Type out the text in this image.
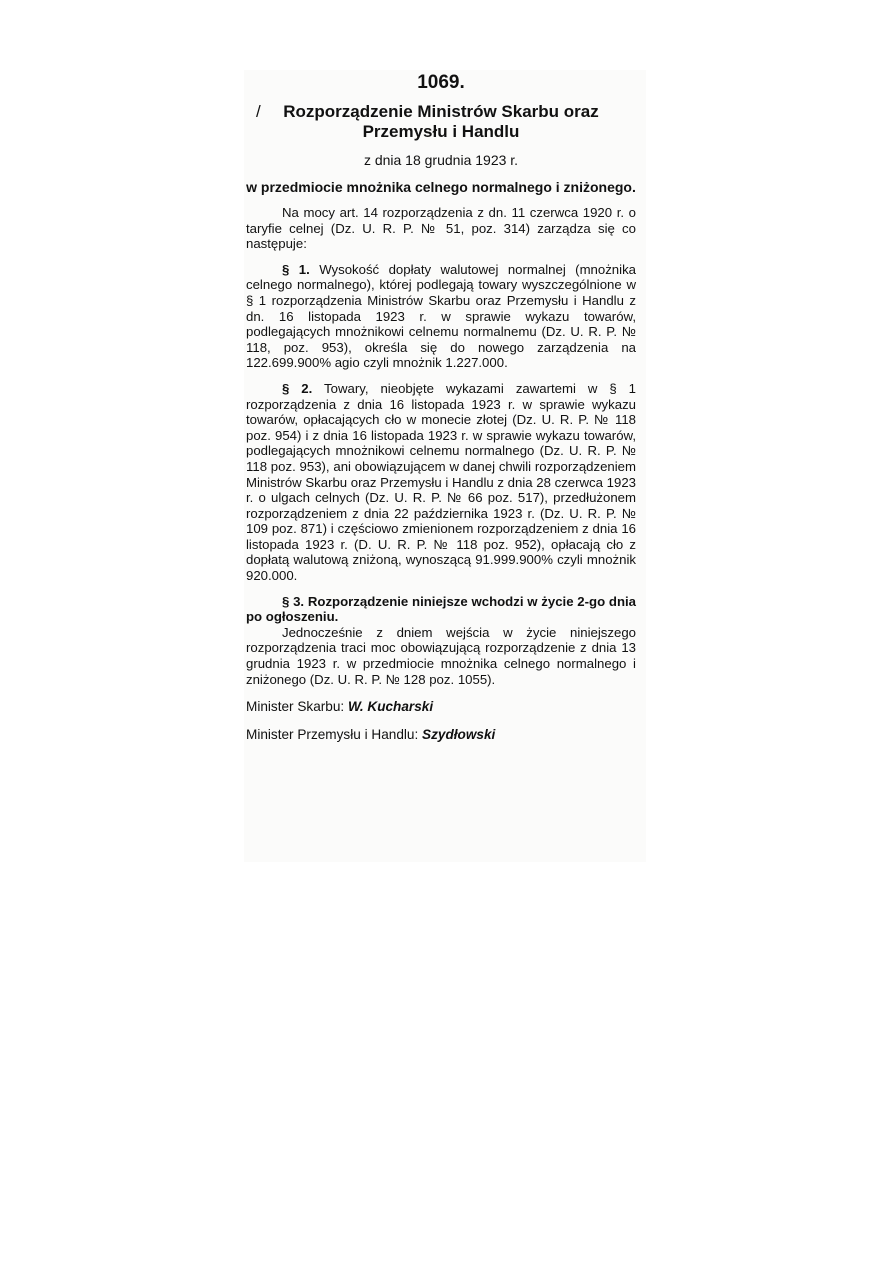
1069.
/ Rozporządzenie Ministrów Skarbu oraz Przemysłu i Handlu
z dnia 18 grudnia 1923 r.
w przedmiocie mnożnika celnego normalnego i zniżonego.

Na mocy art. 14 rozporządzenia z dn. 11 czerwca 1920 r. o taryfie celnej (Dz. U. R. P. № 51, poz. 314) zarządza się co następuje:

§ 1. Wysokość dopłaty walutowej normalnej (mnożnika celnego normalnego), której podlegają towary wyszczególnione w § 1 rozporządzenia Ministrów Skarbu oraz Przemysłu i Handlu z dn. 16 listopada 1923 r. w sprawie wykazu towarów, podlegających mnożnikowi celnemu normalnemu (Dz. U. R. P. № 118, poz. 953), określa się do nowego zarządzenia na 122.699.900% agio czyli mnożnik 1.227.000.

§ 2. Towary, nieobjęte wykazami zawartemi w § 1 rozporządzenia z dnia 16 listopada 1923 r. w sprawie wykazu towarów, opłacających cło w monecie złotej (Dz. U. R. P. № 118 poz. 954) i z dnia 16 listopada 1923 r. w sprawie wykazu towarów, podlegających mnożnikowi celnemu normalnego (Dz. U. R. P. № 118 poz. 953), ani obowiązującem w danej chwili rozporządzeniem Ministrów Skarbu oraz Przemysłu i Handlu z dnia 28 czerwca 1923 r. o ulgach celnych (Dz. U. R. P. № 66 poz. 517), przedłużonem rozporządzeniem z dnia 22 października 1923 r. (Dz. U. R. P. № 109 poz. 871) i częściowo zmienionem rozporządzeniem z dnia 16 listopada 1923 r. (D. U. R. P. № 118 poz. 952), opłacają cło z dopłatą walutową zniżoną, wynoszącą 91.999.900% czyli mnożnik 920.000.

§ 3. Rozporządzenie niniejsze wchodzi w życie 2-go dnia po ogłoszeniu.

Jednocześnie z dniem wejścia w życie niniejszego rozporządzenia traci moc obowiązującą rozporządzenie z dnia 13 grudnia 1923 r. w przedmiocie mnożnika celnego normalnego i zniżonego (Dz. U. R. P. № 128 poz. 1055).

Minister Skarbu: W. Kucharski
Minister Przemysłu i Handlu: Szydłowski
